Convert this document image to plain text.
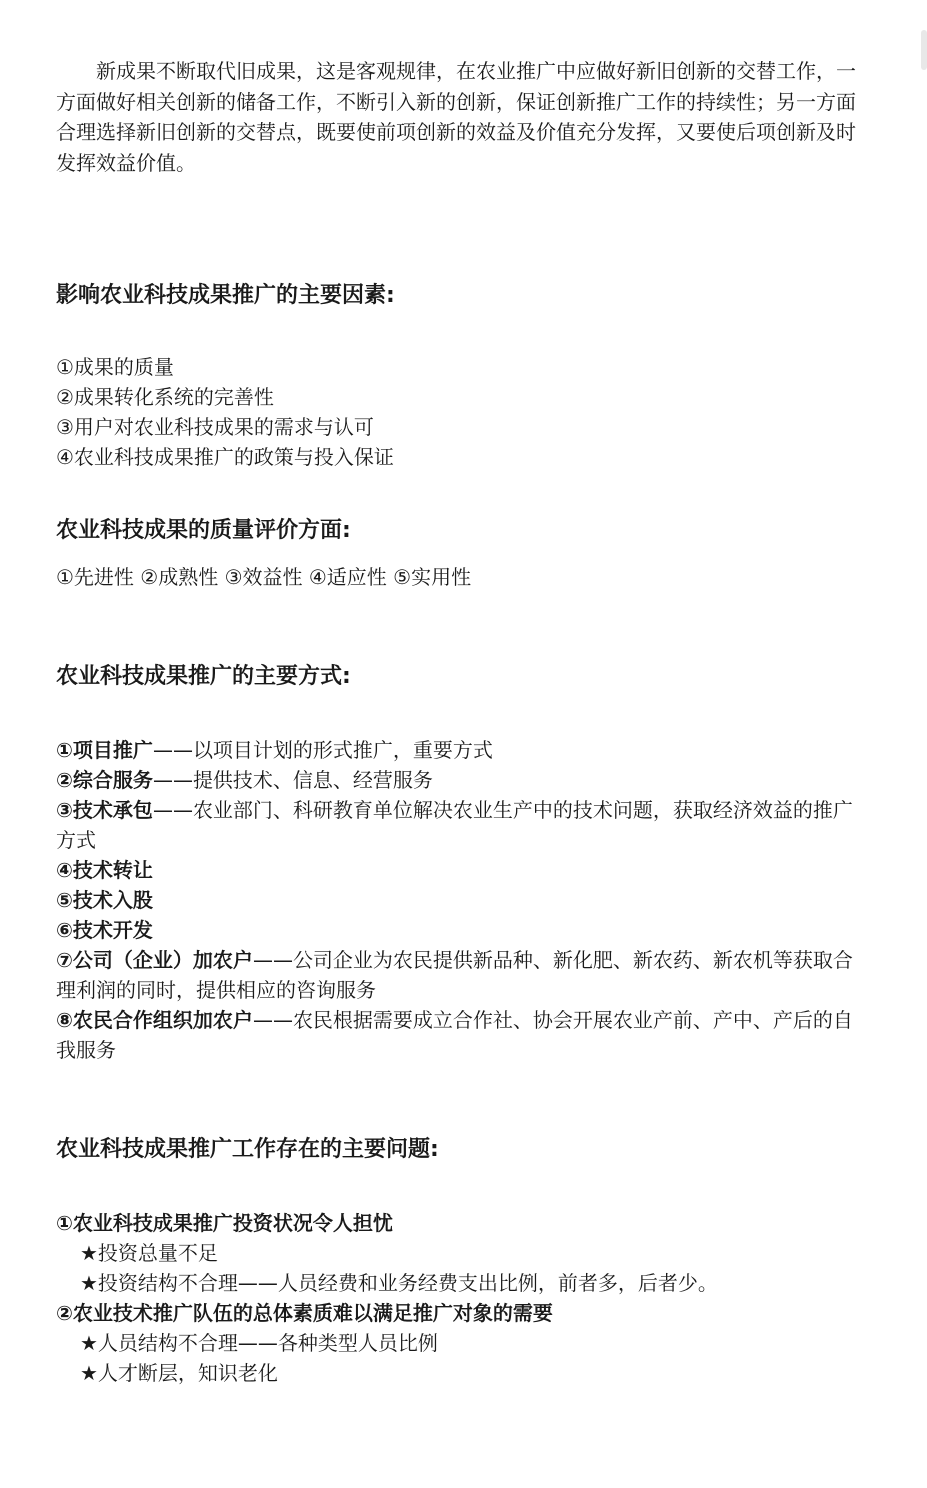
新成果不断取代旧成果，这是客观规律，在农业推广中应做好新旧创新的交替工作，一方面做好相关创新的储备工作，不断引入新的创新，保证创新推广工作的持续性；另一方面合理选择新旧创新的交替点，既要使前项创新的效益及价值充分发挥，又要使后项创新及时发挥效益价值。

影响农业科技成果推广的主要因素:
①成果的质量
②成果转化系统的完善性
③用户对农业科技成果的需求与认可
④农业科技成果推广的政策与投入保证
农业科技成果的质量评价方面:
①先进性 ②成熟性 ③效益性 ④适应性 ⑤实用性
农业科技成果推广的主要方式:
①项目推广——以项目计划的形式推广，重要方式
②综合服务——提供技术、信息、经营服务
③技术承包——农业部门、科研教育单位解决农业生产中的技术问题，获取经济效益的推广方式
④技术转让
⑤技术入股
⑥技术开发
⑦公司（企业）加农户——公司企业为农民提供新品种、新化肥、新农药、新农机等获取合理利润的同时，提供相应的咨询服务
⑧农民合作组织加农户——农民根据需要成立合作社、协会开展农业产前、产中、产后的自我服务
农业科技成果推广工作存在的主要问题:
①农业科技成果推广投资状况令人担忧
★投资总量不足
★投资结构不合理——人员经费和业务经费支出比例，前者多，后者少。
②农业技术推广队伍的总体素质难以满足推广对象的需要
★人员结构不合理——各种类型人员比例
★人才断层，知识老化
